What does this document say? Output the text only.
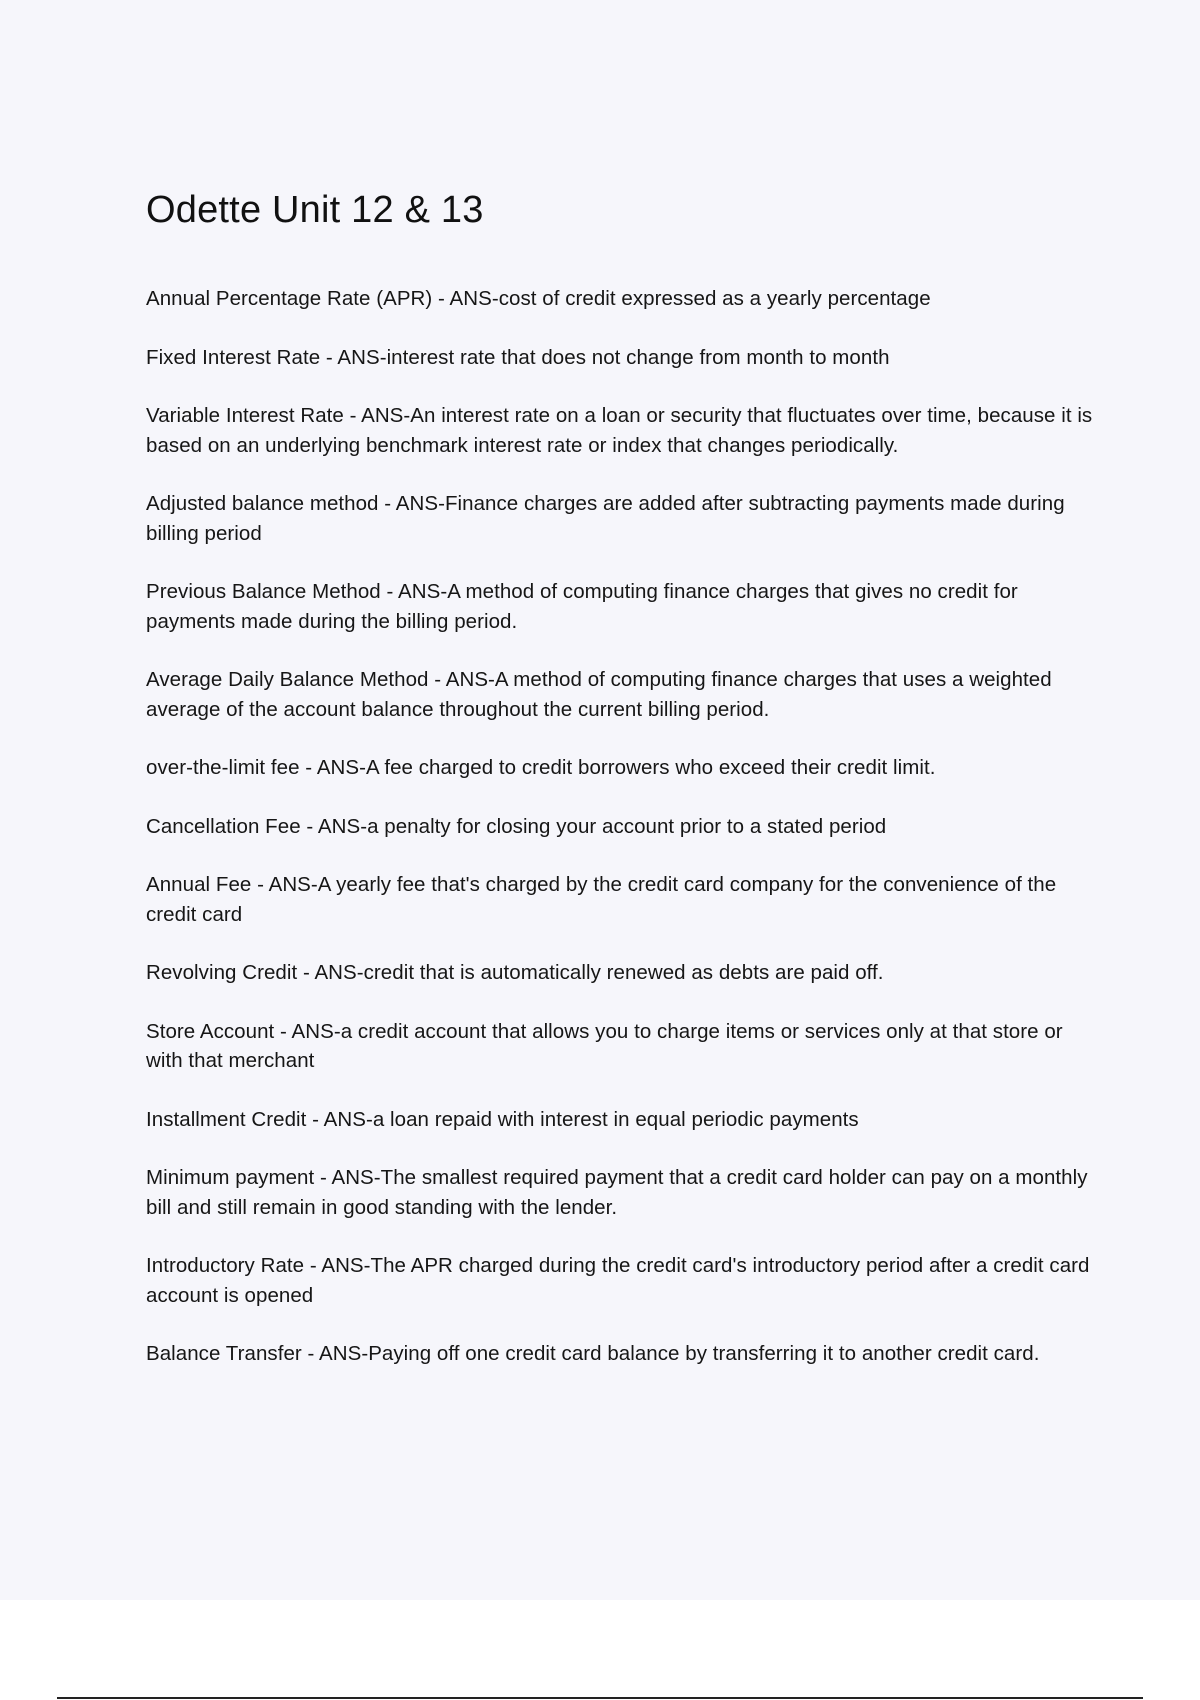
Odette Unit 12 & 13

Annual Percentage Rate (APR) - ANS-cost of credit expressed as a yearly percentage

Fixed Interest Rate - ANS-interest rate that does not change from month to month

Variable Interest Rate - ANS-An interest rate on a loan or security that fluctuates over time, because it is based on an underlying benchmark interest rate or index that changes periodically.

Adjusted balance method - ANS-Finance charges are added after subtracting payments made during billing period

Previous Balance Method - ANS-A method of computing finance charges that gives no credit for payments made during the billing period.

Average Daily Balance Method - ANS-A method of computing finance charges that uses a weighted average of the account balance throughout the current billing period.

over-the-limit fee - ANS-A fee charged to credit borrowers who exceed their credit limit.

Cancellation Fee - ANS-a penalty for closing your account prior to a stated period

Annual Fee - ANS-A yearly fee that's charged by the credit card company for the convenience of the credit card

Revolving Credit - ANS-credit that is automatically renewed as debts are paid off.

Store Account - ANS-a credit account that allows you to charge items or services only at that store or with that merchant

Installment Credit - ANS-a loan repaid with interest in equal periodic payments

Minimum payment - ANS-The smallest required payment that a credit card holder can pay on a monthly bill and still remain in good standing with the lender.

Introductory Rate - ANS-The APR charged during the credit card's introductory period after a credit card account is opened

Balance Transfer - ANS-Paying off one credit card balance by transferring it to another credit card.
